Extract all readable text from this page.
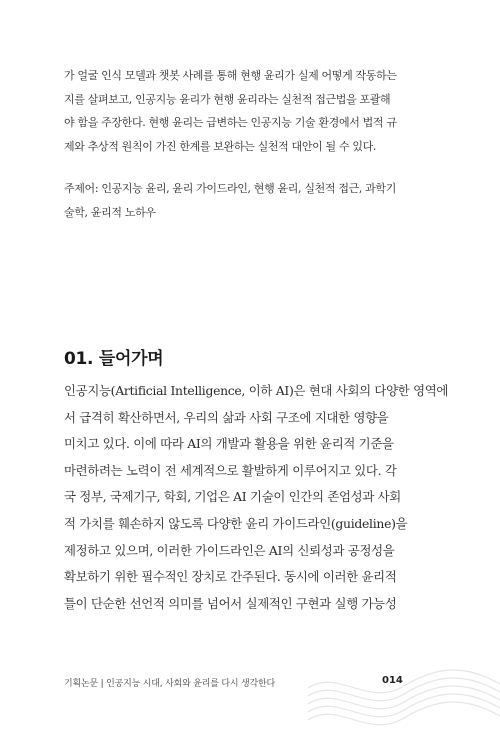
가 얼굴 인식 모델과 챗봇 사례를 통해 현행 윤리가 실제 어떻게 작동하는

지를 살펴보고, 인공지능 윤리가 현행 윤리라는 실천적 접근법을 포괄해

야 함을 주장한다. 현행 윤리는 급변하는 인공지능 기술 환경에서 법적 규

제와 추상적 원칙이 가진 한계를 보완하는 실천적 대안이 될 수 있다.

주제어: 인공지능 윤리, 윤리 가이드라인, 현행 윤리, 실천적 접근, 과학기

술학, 윤리적 노하우

01. 들어가며

인공지능(Artificial Intelligence, 이하 AI)은 현대 사회의 다양한 영역에

서 급격히 확산하면서, 우리의 삶과 사회 구조에 지대한 영향을

미치고 있다. 이에 따라 AI의 개발과 활용을 위한 윤리적 기준을

마련하려는 노력이 전 세계적으로 활발하게 이루어지고 있다. 각

국 정부, 국제기구, 학회, 기업은 AI 기술이 인간의 존엄성과 사회

적 가치를 훼손하지 않도록 다양한 윤리 가이드라인(guideline)을

제정하고 있으며, 이러한 가이드라인은 AI의 신뢰성과 공정성을

확보하기 위한 필수적인 장치로 간주된다. 동시에 이러한 윤리적

틀이 단순한 선언적 의미를 넘어서 실제적인 구현과 실행 가능성

기획논문 | 인공지능 시대, 사회와 윤리를 다시 생각한다	014
